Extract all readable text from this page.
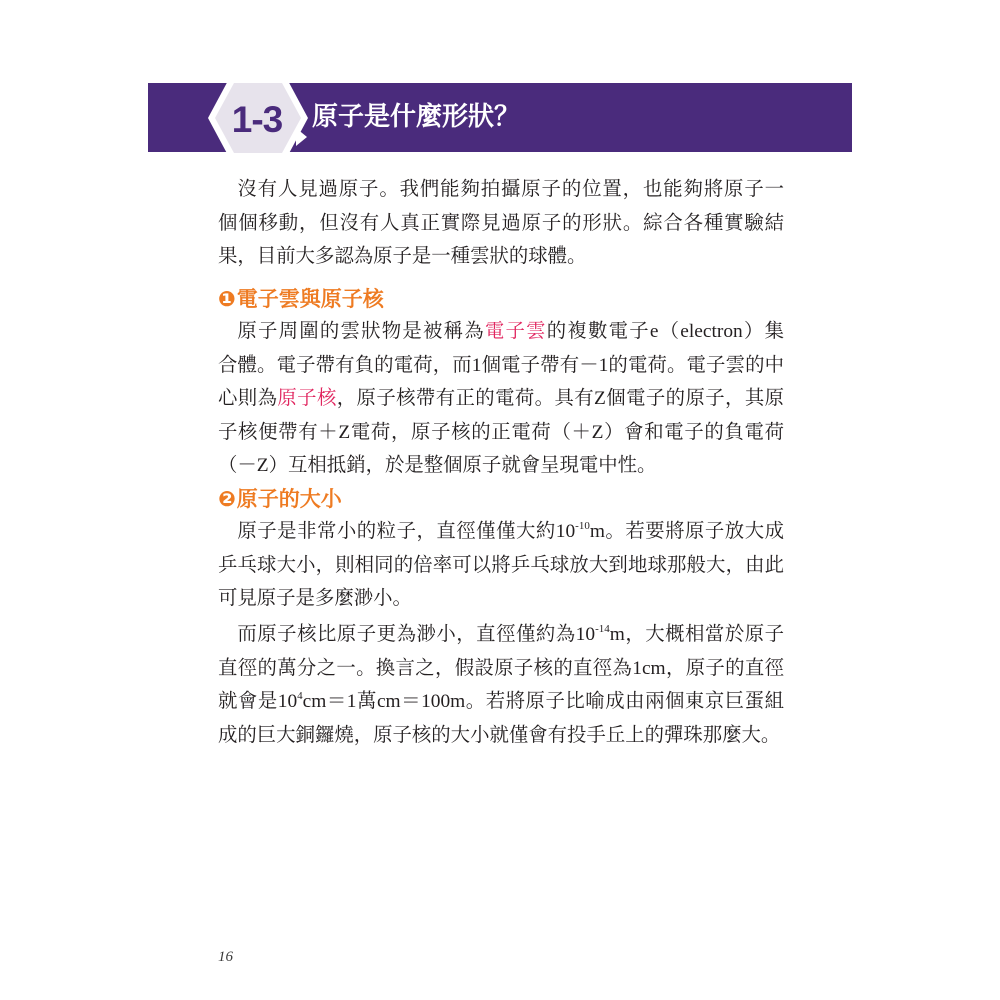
1-3 原子是什麼形狀？
沒有人見過原子。我們能夠拍攝原子的位置，也能夠將原子一
個個移動，但沒有人真正實際見過原子的形狀。綜合各種實驗結
果，目前大多認為原子是一種雲狀的球體。
❶電子雲與原子核
原子周圍的雲狀物是被稱為電子雲的複數電子e（electron）集
合體。電子帶有負的電荷，而1個電子帶有－1的電荷。電子雲的中
心則為原子核，原子核帶有正的電荷。具有Z個電子的原子，其原
子核便帶有＋Z電荷，原子核的正電荷（＋Z）會和電子的負電荷
（－Z）互相抵銷，於是整個原子就會呈現電中性。
❷原子的大小
原子是非常小的粒子，直徑僅僅大約$10^{-10}m$。若要將原子放大成
乒乓球大小，則相同的倍率可以將乒乓球放大到地球那般大，由此
可見原子是多麼渺小。
而原子核比原子更為渺小，直徑僅約為$10^{-14}m$，大概相當於原子
直徑的萬分之一。換言之，假設原子核的直徑為1cm，原子的直徑
就會是$10^4cm=1$萬cm＝100m。若將原子比喻成由兩個東京巨蛋組
成的巨大銅鑼燒，原子核的大小就僅會有投手丘上的彈珠那麼大。
16
